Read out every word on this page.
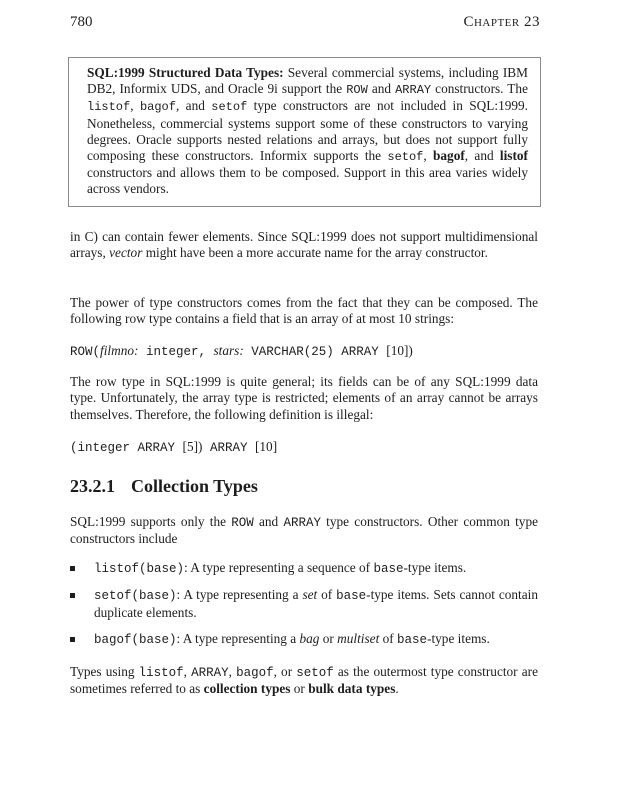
780	Chapter 23
SQL:1999 Structured Data Types: Several commercial systems, including IBM DB2, Informix UDS, and Oracle 9i support the ROW and ARRAY constructors. The listof, bagof, and setof type constructors are not included in SQL:1999. Nonetheless, commercial systems support some of these constructors to varying degrees. Oracle supports nested relations and arrays, but does not support fully composing these constructors. Informix supports the setof, bagof, and listof constructors and allows them to be composed. Support in this area varies widely across vendors.

in C) can contain fewer elements. Since SQL:1999 does not support multidimensional arrays, vector might have been a more accurate name for the array constructor.

The power of type constructors comes from the fact that they can be composed. The following row type contains a field that is an array of at most 10 strings:

ROW(filmno: integer, stars: VARCHAR(25) ARRAY [10])

The row type in SQL:1999 is quite general; its fields can be of any SQL:1999 data type. Unfortunately, the array type is restricted; elements of an array cannot be arrays themselves. Therefore, the following definition is illegal:

(integer ARRAY [5]) ARRAY [10]
23.2.1 Collection Types

SQL:1999 supports only the ROW and ARRAY type constructors. Other common type constructors include

listof(base): A type representing a sequence of base-type items.
setof(base): A type representing a set of base-type items. Sets cannot contain duplicate elements.
bagof(base): A type representing a bag or multiset of base-type items.

Types using listof, ARRAY, bagof, or setof as the outermost type constructor are sometimes referred to as collection types or bulk data types.
